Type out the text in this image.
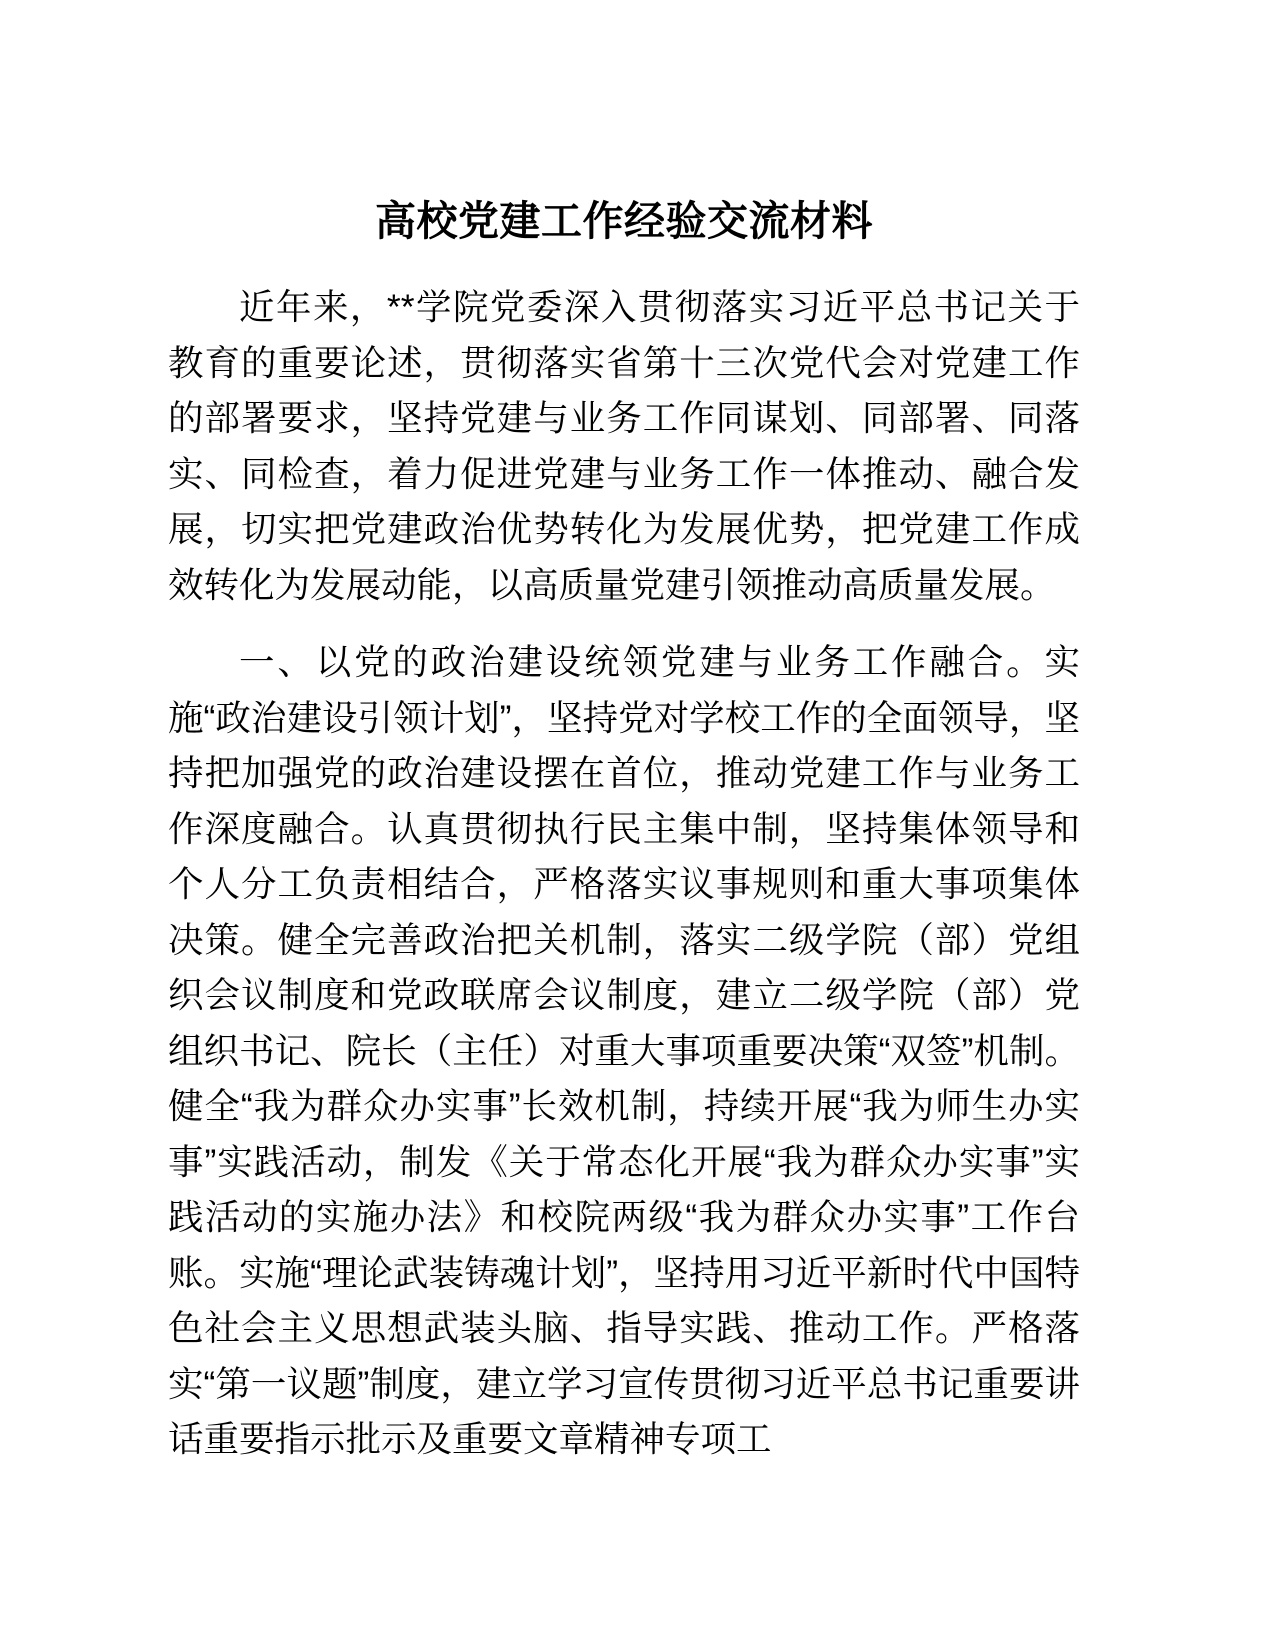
高校党建工作经验交流材料

近年来，**学院党委深入贯彻落实习近平总书记关于教育的重要论述，贯彻落实省第十三次党代会对党建工作的部署要求，坚持党建与业务工作同谋划、同部署、同落实、同检查，着力促进党建与业务工作一体推动、融合发展，切实把党建政治优势转化为发展优势，把党建工作成效转化为发展动能，以高质量党建引领推动高质量发展。

一、以党的政治建设统领党建与业务工作融合。实施“政治建设引领计划”，坚持党对学校工作的全面领导，坚持把加强党的政治建设摆在首位，推动党建工作与业务工作深度融合。认真贯彻执行民主集中制，坚持集体领导和个人分工负责相结合，严格落实议事规则和重大事项集体决策。健全完善政治把关机制，落实二级学院（部）党组织会议制度和党政联席会议制度，建立二级学院（部）党组织书记、院长（主任）对重大事项重要决策“双签”机制。健全“我为群众办实事”长效机制，持续开展“我为师生办实事”实践活动，制发《关于常态化开展“我为群众办实事”实践活动的实施办法》和校院两级“我为群众办实事”工作台账。实施“理论武装铸魂计划”，坚持用习近平新时代中国特色社会主义思想武装头脑、指导实践、推动工作。严格落实“第一议题”制度，建立学习宣传贯彻习近平总书记重要讲话重要指示批示及重要文章精神专项工
